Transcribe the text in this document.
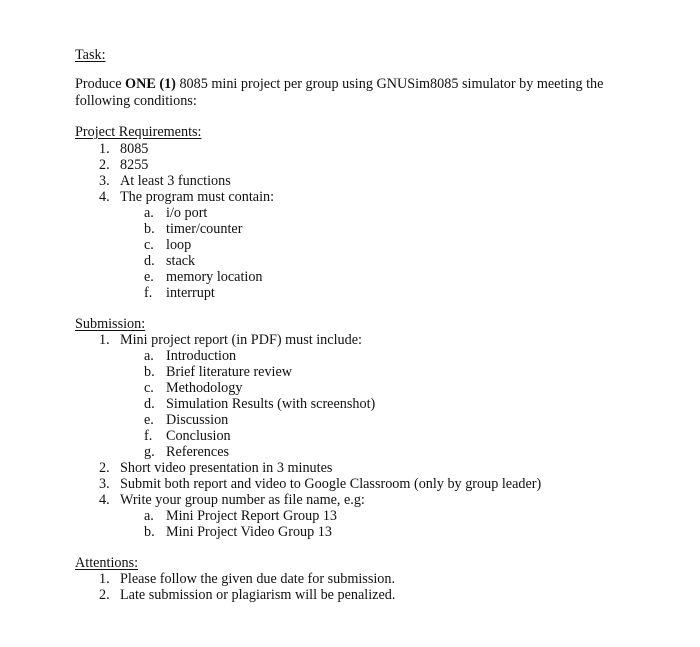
Task:
Produce ONE (1) 8085 mini project per group using GNUSim8085 simulator by meeting the following conditions:
Project Requirements:
1. 8085
2. 8255
3. At least 3 functions
4. The program must contain:
a. i/o port
b. timer/counter
c. loop
d. stack
e. memory location
f. interrupt
Submission:
1. Mini project report (in PDF) must include:
a. Introduction
b. Brief literature review
c. Methodology
d. Simulation Results (with screenshot)
e. Discussion
f. Conclusion
g. References
2. Short video presentation in 3 minutes
3. Submit both report and video to Google Classroom (only by group leader)
4. Write your group number as file name, e.g:
a. Mini Project Report Group 13
b. Mini Project Video Group 13
Attentions:
1. Please follow the given due date for submission.
2. Late submission or plagiarism will be penalized.
